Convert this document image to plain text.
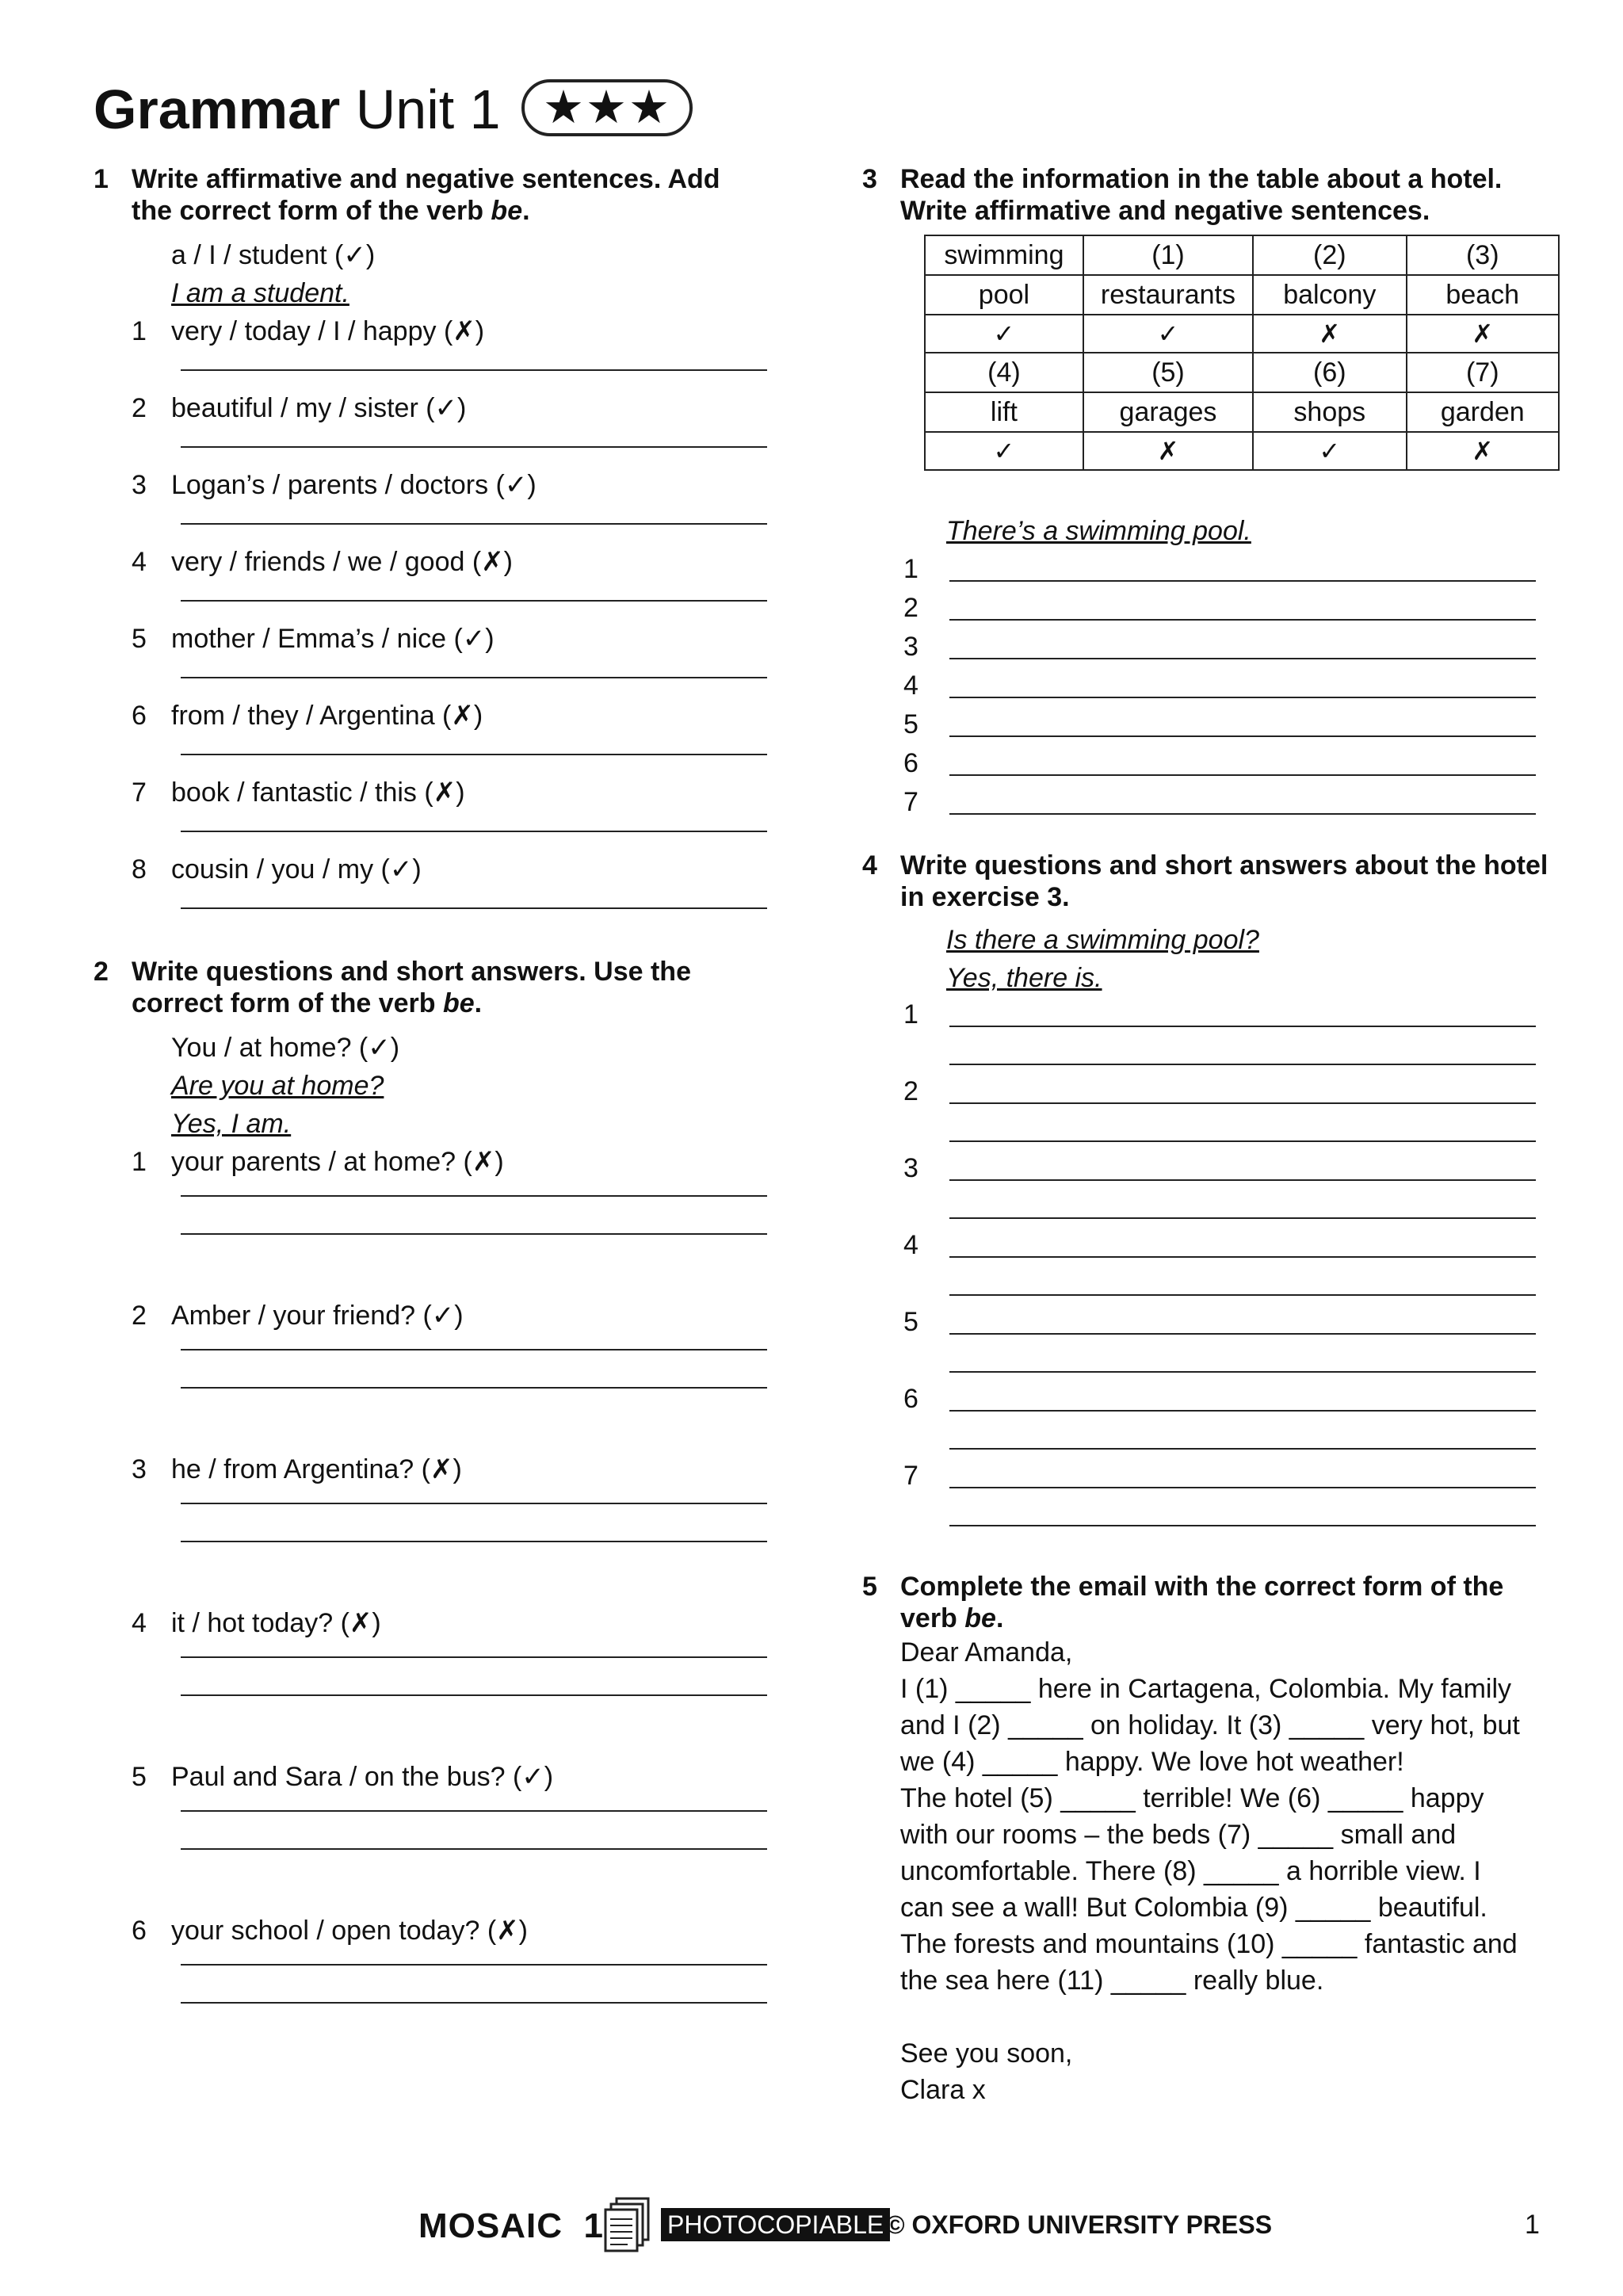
Grammar Unit 1 ★★★
1 Write affirmative and negative sentences. Add the correct form of the verb be.
a / I / student (✓)
I am a student.
1 very / today / I / happy (✗)
2 beautiful / my / sister (✓)
3 Logan’s / parents / doctors (✓)
4 very / friends / we / good (✗)
5 mother / Emma’s / nice (✓)
6 from / they / Argentina (✗)
7 book / fantastic / this (✗)
8 cousin / you / my (✓)
2 Write questions and short answers. Use the correct form of the verb be.
You / at home? (✓)
Are you at home?
Yes, I am.
1 your parents / at home? (✗)
2 Amber / your friend? (✓)
3 he / from Argentina? (✗)
4 it / hot today? (✗)
5 Paul and Sara / on the bus? (✓)
6 your school / open today? (✗)
3 Read the information in the table about a hotel. Write affirmative and negative sentences.
swimming	(1)	(2)	(3)
pool	restaurants	balcony	beach
✓	✓	✗	✗
(4)	(5)	(6)	(7)
lift	garages	shops	garden
✓	✗	✓	✗
There’s a swimming pool.
1
2
3
4
5
6
7
4 Write questions and short answers about the hotel in exercise 3.
Is there a swimming pool?
Yes, there is.
1
2
3
4
5
6
7
5 Complete the email with the correct form of the verb be.

Dear Amanda,

I (1) _____ here in Cartagena, Colombia. My family

and I (2) _____ on holiday. It (3) _____ very hot, but

we (4) _____ happy. We love hot weather!

The hotel (5) _____ terrible! We (6) _____ happy

with our rooms – the beds (7) _____ small and

uncomfortable. There (8) _____ a horrible view. I

can see a wall! But Colombia (9) _____ beautiful.

The forests and mountains (10) _____ fantastic and

the sea here (11) _____ really blue.

See you soon,

Clara x

MOSAIC 1	PHOTOCOPIABLE © OXFORD UNIVERSITY PRESS	1
